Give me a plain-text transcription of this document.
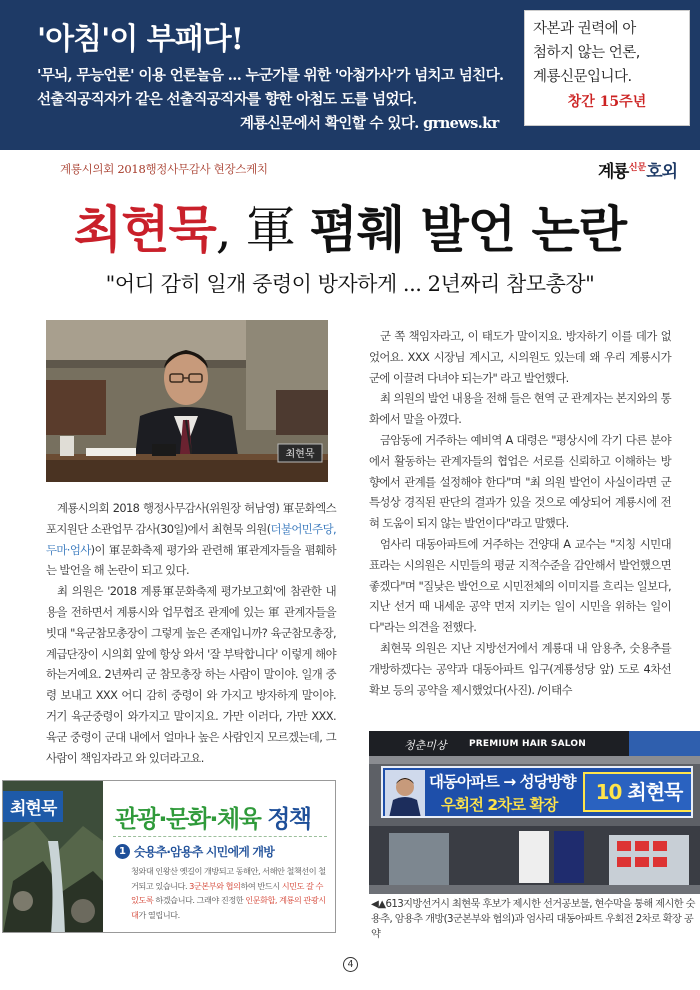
'아침'이 부패다!
'무뇌, 무능언론' 이용 언론놀음 ... 누군가를 위한 '아첨가사'가 넘치고 넘친다.
선출직공직자가 같은 선출직공직자를 향한 아첨도 도를 넘었다.
계룡신문에서 확인할 수 있다. grnews.kr
자본과 권력에 아
첨하지 않는 언론,
계룡신문입니다.
창간 15주년
계룡시의회 2018행정사무감사 현장스케치	계룡 신문 호외
최현묵, 軍 폄훼 발언 논란
"어디 감히 일개 중령이 방자하게 ... 2년짜리 참모총장"
최현묵

계룡시의회 2018 행정사무감사(위원장 허남영) 軍문화엑스포지원단 소관업무 감사(30일)에서 최현묵 의원(더불어민주당, 두마·엄사)이 軍문화축제 평가와 관련해 軍관계자들을 폄훼하는 발언을 해 논란이 되고 있다.

최 의원은 '2018 계룡軍문화축제 평가보고회'에 참관한 내용을 전하면서 계룡시와 업무협조 관계에 있는 軍 관계자들을 빗대 "육군참모총장이 그렇게 높은 존재입니까? 육군참모총장, 계급단장이 시의회 앞에 항상 와서 '잘 부탁합니다' 이렇게 해야 하는거예요. 2년짜리 군 참모총장 하는 사람이 말이야. 일개 중령 보내고 XXX 어디 감히 중령이 와 가지고 방자하게 말이야. 거기 육군중령이 와가지고 말이지요. 가만 이러다, 가만 XXX. 육군 중령이 군대 내에서 얼마나 높은 사람인지 모르겠는데, 그 사람이 책임자라고 와 있더라고요.

군 쪽 책임자라고, 이 태도가 말이지요. 방자하기 이를 데가 없었어요. XXX 시장님 계시고, 시의원도 있는데 왜 우리 계룡시가 군에 이끌려 다녀야 되는가" 라고 발언했다.

최 의원의 발언 내용을 전해 들은 현역 군 관계자는 본지와의 통화에서 말을 아꼈다.

금암동에 거주하는 예비역 A 대령은 "평상시에 각기 다른 분야에서 활동하는 관계자들의 협업은 서로를 신뢰하고 이해하는 방향에서 관계를 설정해야 한다"며 "최 의원 발언이 사실이라면 군 특성상 경직된 판단의 결과가 있을 것으로 예상되어 계룡시에 전혀 도움이 되지 않는 발언이다"라고 말했다.

엄사리 대동아파트에 거주하는 건양대 A 교수는 "지칭 시민대표라는 시의원은 시민들의 평균 지적수준을 감안해서 발언했으면 좋겠다"며 "질낮은 발언으로 시민전체의 이미지를 흐리는 일보다, 지난 선거 때 내세운 공약 먼저 지키는 일이 시민을 위하는 일이다"라는 의견을 전했다.

최현묵 의원은 지난 지방선거에서 계룡대 내 암용추, 숫용추를 개방하겠다는 공약과 대동아파트 입구(계룡성당 앞) 도로 4차선 확보 등의 공약을 제시했었다(사진). /이태수

최현묵 관광·문화·체육 정책
1 숫용추·암용추 시민에게 개방
청와대 인왕산 옛길이 개방되고 동해안, 서해안 철책선이 철거되고 있습니다. 3군본부와 협의하여 반드시 시민도 갈 수 있도록 하겠습니다. 그래야 진정한 인문화합, 계룡의 관광시대가 열립니다.
청춘미상 PREMIUM HAIR SALON
대동아파트 → 성당방향
우회전 2차로 확장
10 최현묵
◀▲613지방선거시 최현묵 후보가 제시한 선거공보물, 현수막을 통해 제시한 숫용추, 암용추 개방(3군본부와 협의)과 엄사리 대동아파트 우회전 2차로 확장 공약
4
